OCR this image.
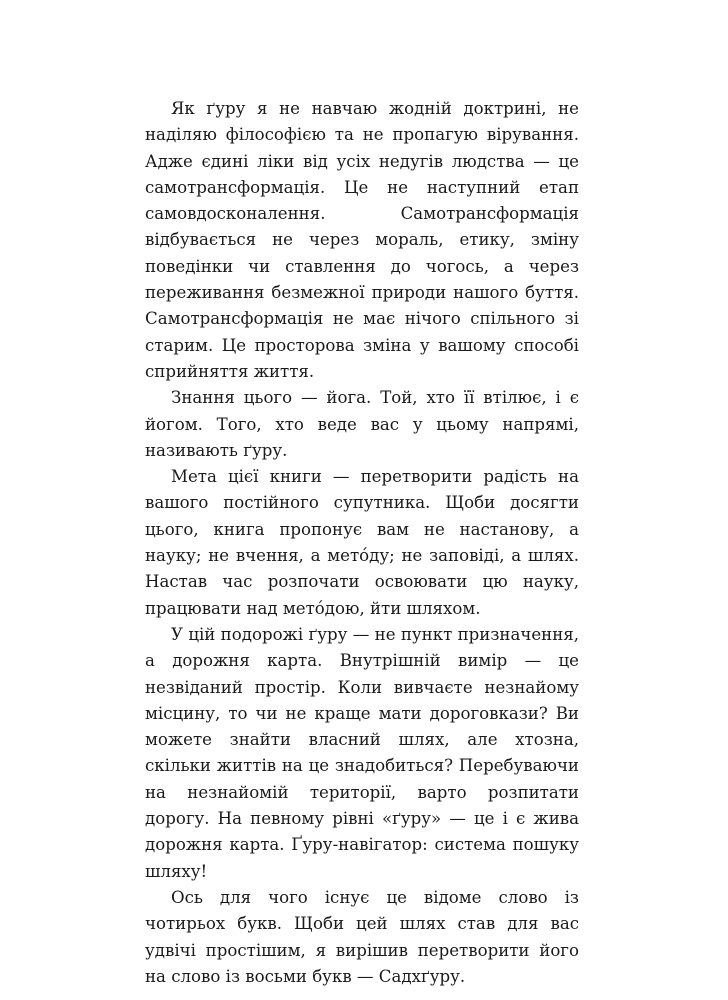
Як ґуру я не навчаю жодній доктрині, не наділяю філософією та не пропагую вірування. Адже єдині ліки від усіх недугів людства — це самотрансформація. Це не наступний етап самовдосконалення. Самотрансформація відбувається не через мораль, етику, зміну поведінки чи ставлення до чогось, а через переживання безмежної природи нашого буття. Самотрансформація не має нічого спільного зі старим. Це просторова зміна у вашому способі сприйняття життя.

Знання цього — йога. Той, хто її втілює, і є йогом. Того, хто веде вас у цьому напрямі, називають ґуру.

Мета цієї книги — перетворити радість на вашого постійного супутника. Щоби досягти цього, книга пропонує вам не настанову, а науку; не вчення, а метóду; не заповіді, а шлях. Настав час розпочати освоювати цю науку, працювати над метóдою, йти шляхом.

У цій подорожі ґуру — не пункт призначення, а дорожня карта. Внутрішній вимір — це незвіданий простір. Коли вивчаєте незнайому місцину, то чи не краще мати дороговкази? Ви можете знайти власний шлях, але хтозна, скільки життів на це знадобиться? Перебуваючи на незнайомій території, варто розпитати дорогу. На певному рівні «ґуру» — це і є жива дорожня карта. Ґуру-навігатор: система пошуку шляху!

Ось для чого існує це відоме слово із чотирьох букв. Щоби цей шлях став для вас удвічі простішим, я вирішив перетворити його на слово із восьми букв — Садхґуру.
